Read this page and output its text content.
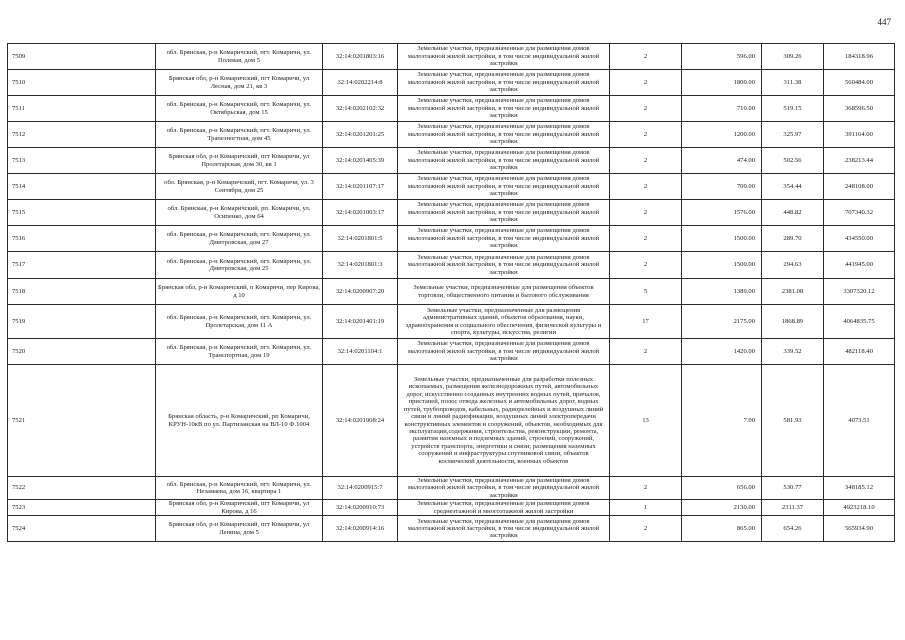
447
7509	обл. Брянская, р-н Комаричский, пгт. Комаричи, ул. Полевая, дом 5	32:14:0201803:16	Земельные участки, предназначенные для размещения домов малоэтажной жилой застройки, в том числе индивидуальной жилой застройки	2	596.00	309.26	184318.96
7510	Брянская обл, р-н Комаричский, пгт Комаричи, ул Лесная, дом 21, кв 3	32:14:0202214:8	Земельные участки, предназначенные для размещения домов малоэтажной жилой застройки, в том числе индивидуальной жилой застройки	2	1800.00	311.38	560484.00
7511	обл. Брянская, р-н Комаричский, пгт. Комаричи, ул. Октябрьская, дом 15	32:14:0202102:32	Земельные участки, предназначенные для размещения домов малоэтажной жилой застройки, в том числе индивидуальной жилой застройки	2	710.00	519.15	368596.50
7512	обл. Брянская, р-н Комаричский, пгт. Комаричи, ул. Трапезногтная, дом 45	32:14:0201201:25	Земельные участки, предназначенные для размещения домов малоэтажной жилой застройки, в том числе индивидуальной жилой застройки	2	1200.00	325.97	391164.00
7513	Брянская обл, р-н Комаричский, пгт Комаричи, ул Пролетарская, дом 30, кв 1	32:14:0201405:39	Земельные участки, предназначенные для размещения домов малоэтажной жилой застройки, в том числе индивидуальной жилой застройки	2	474.00	502.56	238213.44
7514	обл. Брянская, р-н Комаричский, пгт. Комаричи, ул. 3 Сентября, дом 25	32:14:0201107:17	Земельные участки, предназначенные для размещения домов малоэтажной жилой застройки, в том числе индивидуальной жилой застройки	2	700.00	354.44	248108.00
7515	обл. Брянская, р-н Комаричский, рп. Комаричи, ул. Осипенко, дом 64	32:14:0201003:17	Земельные участки, предназначенные для размещения домов малоэтажной жилой застройки, в том числе индивидуальной жилой застройки	2	1576.00	448.82	707340.32
7516	обл. Брянская, р-н Комаричский, пгт. Комаричи, ул. Дмитровская, дом 27	32:14:0201801:5	Земельные участки, предназначенные для размещения домов малоэтажной жилой застройки, в том числе индивидуальной жилой застройки	2	1500.00	289.70	434550.00
7517	обл. Брянская, р-н Комаричский, пгт. Комаричи, ул. Дмитровская, дом 25	32:14:0201801:3	Земельные участки, предназначенные для размещения домов малоэтажной жилой застройки, в том числе индивидуальной жилой застройки	2	1500.00	294.63	441945.00
7518	Брянская обл, р-н Комаричский, п Комаричи, пер Кирова, д 10	32:14:0200907:20	Земельные участки, предназначенные для размещения объектов торговли, общественного питания и бытового обслуживания	5	1389.00	2381.08	3307320.12
7519	обл. Брянская, р-н Комаричский, пгт. Комаричи, ул. Пролетарская, дом 11 А	32:14:0201401:19	Земельные участки, предназначенные для размещения административных зданий, объектов образования, науки, здравоохранения и социального обеспечения, физической культуры и спорта, культуры, искусства, религии	17	2175.00	1868.89	4064835.75
7520	обл. Брянская, р-н Комаричский, пгт. Комаричи, ул. Транспортная, дом 19	32:14:0201104:1	Земельные участки, предназначенные для размещения домов малоэтажной жилой застройки, в том числе индивидуальной жилой застройки	2	1420.00	339.52	482118.40
7521	Брянская область, р-н Комаричский, рп Комаричи, КРУН-10кВ по ул. Партизанская на ВЛ-10 Ф.1004	32:14:0201908:24	Земельные участки, предназначенные для разработки полезных ископаемых, размещения железнодорожных путей, автомобильных дорог, искусственно созданных внутренних водных путей, причалов, пристаней, полос отвода железных и автомобильных дорог, водных путей, трубопроводов, кабельных, радиорелейных и воздушных линий связи и линий радиофикации, воздушных линий электропередачи конструктивных элементов и сооружений, объектов, необходимых для эксплуатации,содержания, строительства, реконструкции, ремонта, развития наземных и подземных зданий, строений, сооружений, устройств транспорта, энергетики и связи; размещения наземных сооружений и инфраструктуры спутниковой связи, объектов космической деятельности, военных объектов	13	7.00	581.93	4073.51
7522	обл. Брянская, р-н Комаричский, пгт. Комаричи, ул. Незамаева, дом 16, квартира 1	32:14:0200915:7	Земельные участки, предназначенные для размещения домов малоэтажной жилой застройки, в том числе индивидуальной жилой застройки	2	656.00	530.77	348185.12
7523	Брянская обл, р-н Комаричский, пгт Комаричи, ул Кирова, д 16	32:14:0200910:73	Земельные участки, предназначенные для размещения домов среднеэтажной и многоэтажной жилой застройки	1	2130.00	2311.37	4923218.10
7524	Брянская обл, р-н Комаричский, пгт Комаричи, ул Ленина, дом 5	32:14:0200914:16	Земельные участки, предназначенные для размещения домов малоэтажной жилой застройки, в том числе индивидуальной жилой застройки	2	865.00	654.26	565934.90
